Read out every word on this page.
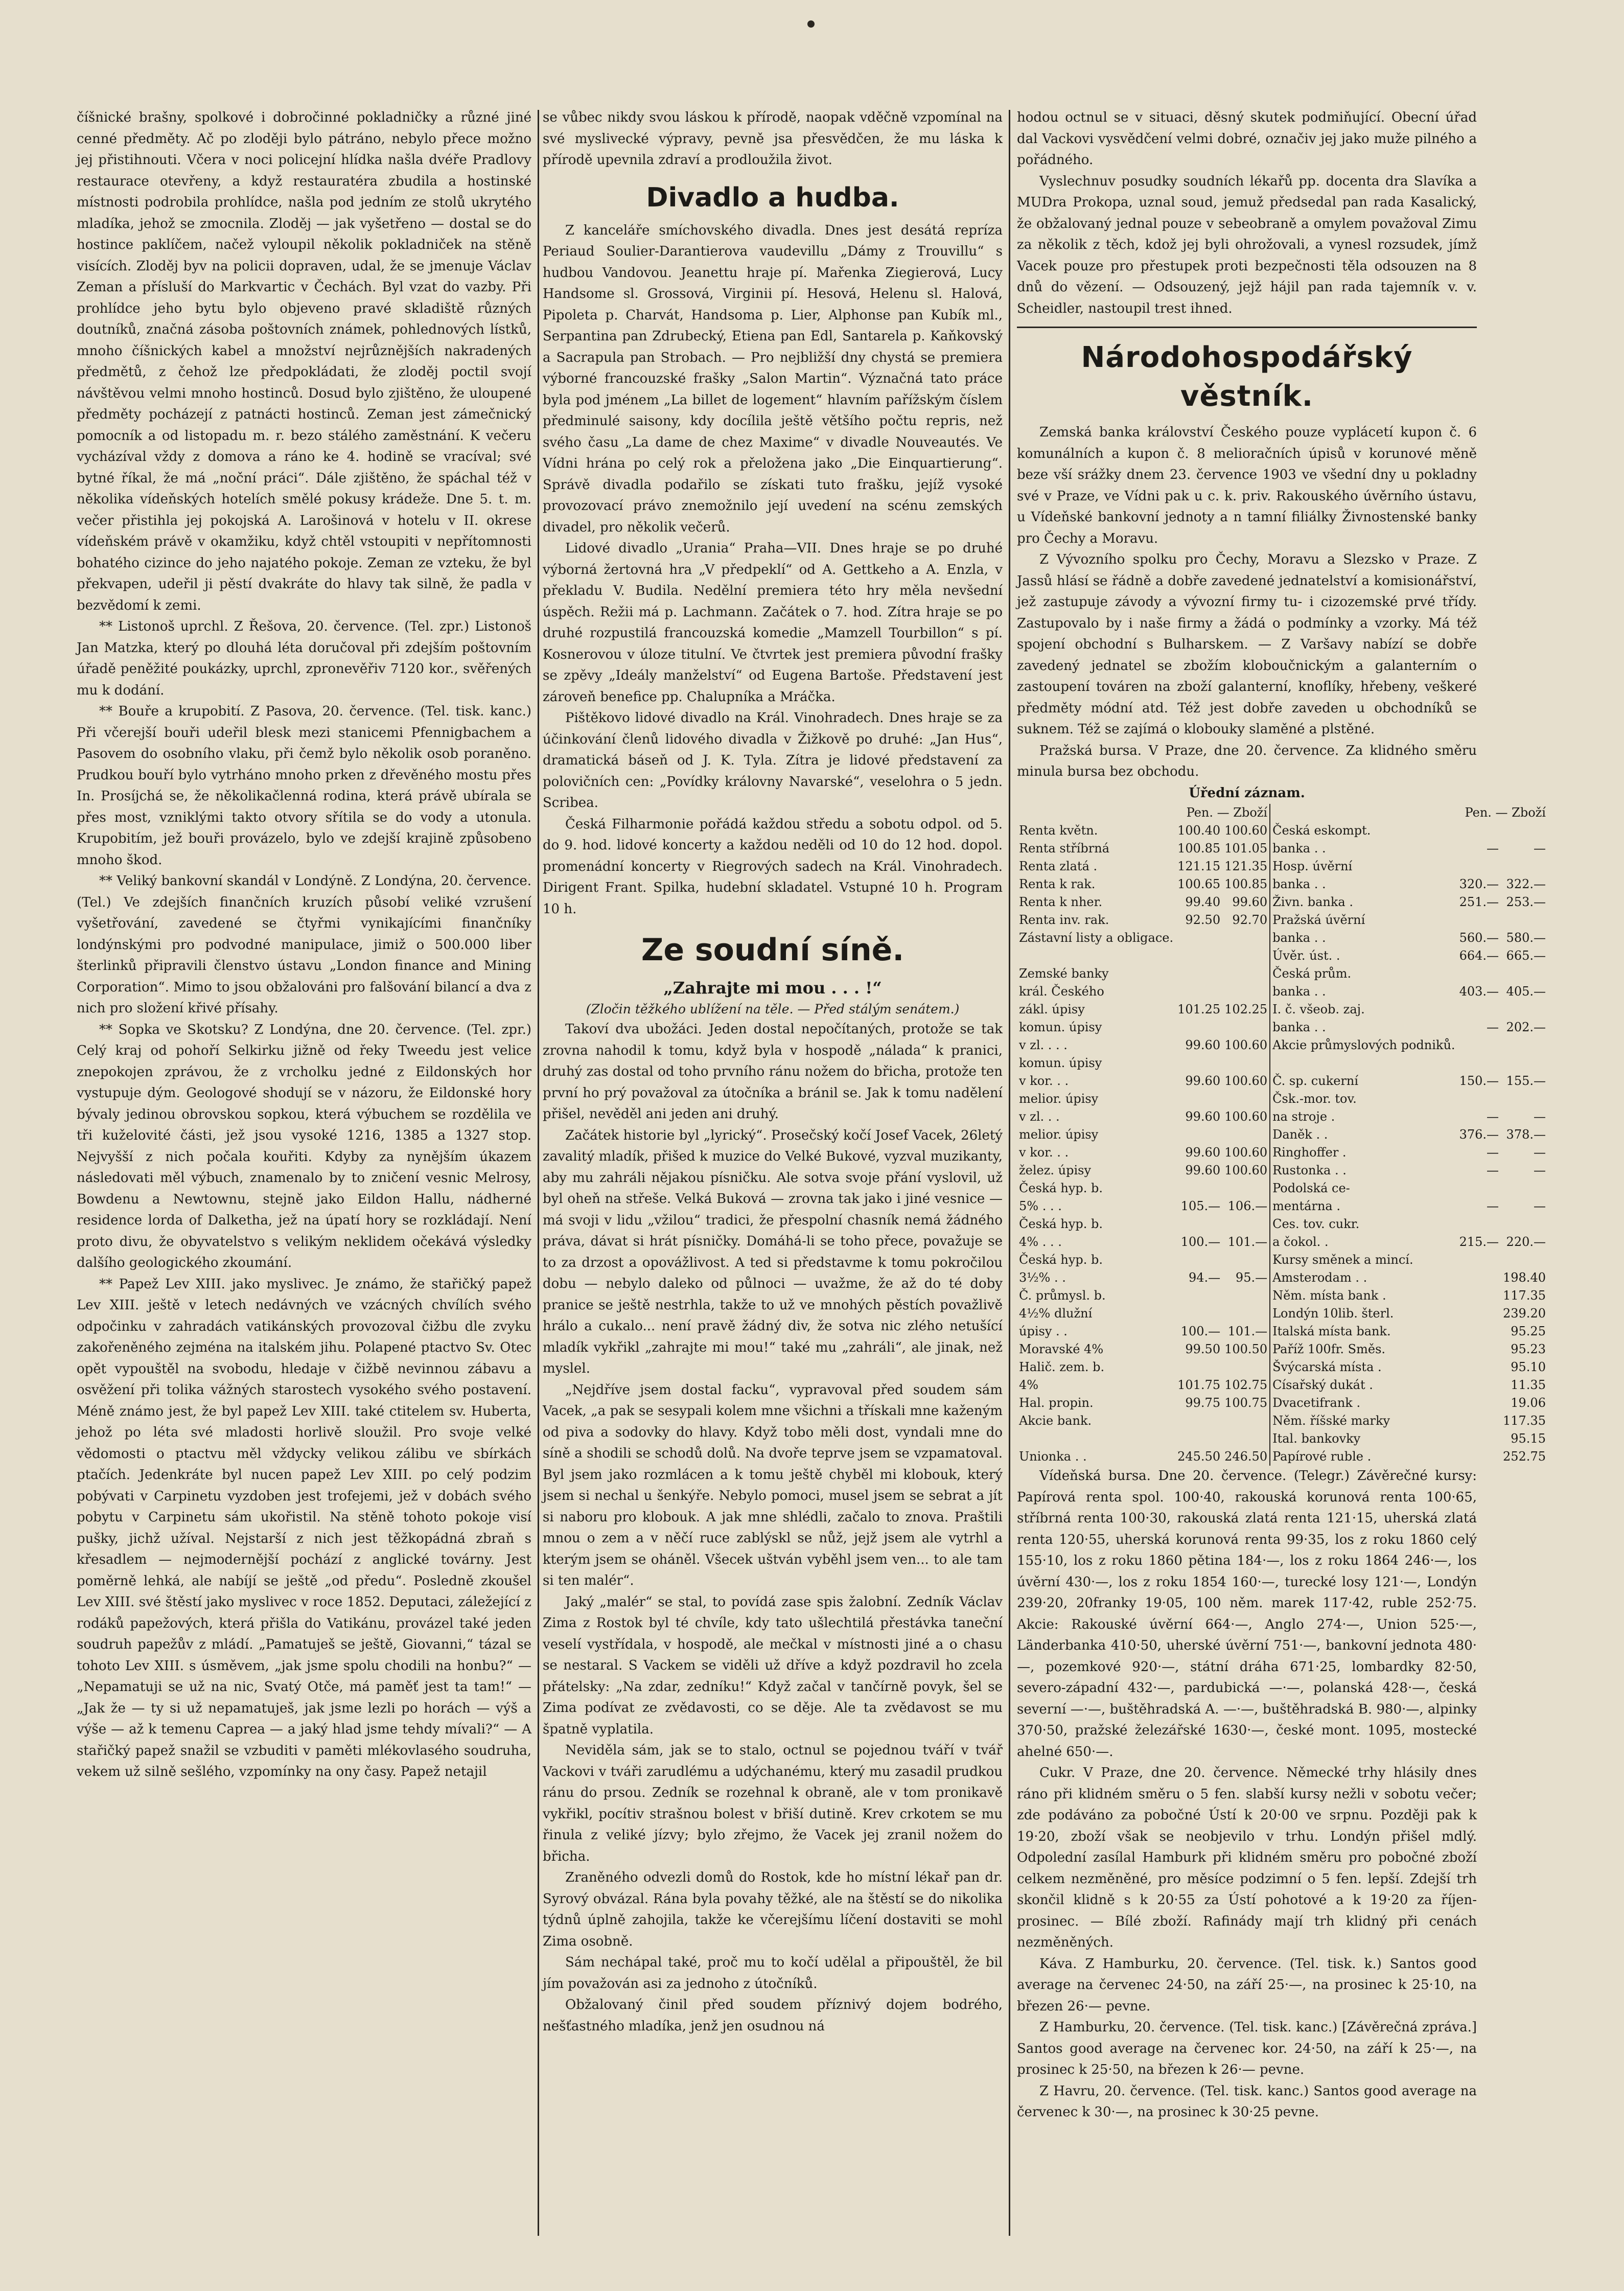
číšnické brašny, spolkové i dobročinné pokladničky a různé jiné cenné předměty. Ač po zloději bylo pátráno, nebylo přece možno jej přistihnouti. Včera v noci policejní hlídka našla dvéře Pradlovy restaurace otevřeny, a když restauratéra zbudila a hostinské místnosti podrobila prohlídce, našla pod jedním ze stolů ukrytého mladíka, jehož se zmocnila. Zloděj — jak vyšetřeno — dostal se do hostince paklíčem, načež vyloupil několik pokladniček na stěně visících. Zloděj byv na policii dopraven, udal, že se jmenuje Václav Zeman a přísluší do Markvartic v Čechách. Byl vzat do vazby. Při prohlídce jeho bytu bylo objeveno pravé skladiště různých doutníků, značná zásoba poštovních známek, pohlednových lístků, mnoho číšnických kabel a množství nejrůznějších nakradených předmětů, z čehož lze předpokládati, že zloděj poctil svojí návštěvou velmi mnoho hostinců. Dosud bylo zjištěno, že uloupené předměty pocházejí z patnácti hostinců. Zeman jest zámečnický pomocník a od listopadu m. r. bezo stálého zaměstnání. K večeru vycházíval vždy z domova a ráno ke 4. hodině se vracíval; své bytné říkal, že má „noční práci“. Dále zjištěno, že spáchal též v několika vídeňských hotelích smělé pokusy krádeže. Dne 5. t. m. večer přistihla jej pokojská A. Larošinová v hotelu v II. okrese vídeňském právě v okamžiku, když chtěl vstoupiti v nepřítomnosti bohatého cizince do jeho najatého pokoje. Zeman ze vzteku, že byl překvapen, udeřil ji pěstí dvakráte do hlavy tak silně, že padla v bezvědomí k zemi.

** Listonoš uprchl. Z Řešova, 20. července. (Tel. zpr.) Listonoš Jan Matzka, který po dlouhá léta doručoval při zdejším poštovním úřadě peněžité poukázky, uprchl, zpronevěřiv 7120 kor., svěřených mu k dodání.

** Bouře a krupobití. Z Pasova, 20. července. (Tel. tisk. kanc.) Při včerejší bouři udeřil blesk mezi stanicemi Pfennigbachem a Pasovem do osobního vlaku, při čemž bylo několik osob poraněno. Prudkou bouří bylo vytrháno mnoho prken z dřevěného mostu přes In. Prosíjchá se, že několikačlenná rodina, která právě ubírala se přes most, vzniklými takto otvory sřítila se do vody a utonula. Krupobitím, jež bouři provázelo, bylo ve zdejší krajině způsobeno mnoho škod.

** Veliký bankovní skandál v Londýně. Z Londýna, 20. července. (Tel.) Ve zdejších finančních kruzích působí veliké vzrušení vyšetřování, zavedené se čtyřmi vynikajícími finančníky londýnskými pro podvodné manipulace, jimiž o 500.000 liber šterlinků připravili členstvo ústavu „London finance and Mining Corporation“. Mimo to jsou obžalováni pro falšování bilancí a dva z nich pro složení křivé přísahy.

** Sopka ve Skotsku? Z Londýna, dne 20. července. (Tel. zpr.) Celý kraj od pohoří Selkirku jižně od řeky Tweedu jest velice znepokojen zprávou, že z vrcholku jedné z Eildonských hor vystupuje dým. Geologové shodují se v názoru, že Eildonské hory bývaly jedinou obrovskou sopkou, která výbuchem se rozdělila ve tři kuželovité části, jež jsou vysoké 1216, 1385 a 1327 stop. Nejvyšší z nich počala kouřiti. Kdyby za nynějším úkazem následovati měl výbuch, znamenalo by to zničení vesnic Melrosy, Bowdenu a Newtownu, stejně jako Eildon Hallu, nádherné residence lorda of Dalketha, jež na úpatí hory se rozkládají. Není proto divu, že obyvatelstvo s velikým neklidem očekává výsledky dalšího geologického zkoumání.

** Papež Lev XIII. jako myslivec. Je známo, že stařičký papež Lev XIII. ještě v letech nedávných ve vzácných chvílích svého odpočinku v zahradách vatikánských provozoval čižbu dle zvyku zakořeněného zejména na italském jihu. Polapené ptactvo Sv. Otec opět vypouštěl na svobodu, hledaje v čižbě nevinnou zábavu a osvěžení při tolika vážných starostech vysokého svého postavení. Méně známo jest, že byl papež Lev XIII. také ctitelem sv. Huberta, jehož po léta své mladosti horlivě sloužil. Pro svoje velké vědomosti o ptactvu měl vždycky velikou zálibu ve sbírkách ptačích. Jedenkráte byl nucen papež Lev XIII. po celý podzim pobývati v Carpinetu vyzdoben jest trofejemi, jež v dobách svého pobytu v Carpinetu sám ukořistil. Na stěně tohoto pokoje visí pušky, jichž užíval. Nejstarší z nich jest těžkopádná zbraň s křesadlem — nejmodernější pochází z anglické továrny. Jest poměrně lehká, ale nabíjí se ještě „od předu“. Posledně zkoušel Lev XIII. své štěstí jako myslivec v roce 1852. Deputaci, záležející z rodáků papežových, která přišla do Vatikánu, provázel také jeden soudruh papežův z mládí. „Pamatuješ se ještě, Giovanni,“ tázal se tohoto Lev XIII. s úsměvem, „jak jsme spolu chodili na honbu?“ — „Nepamatuji se už na nic, Svatý Otče, má paměť jest ta tam!“ — „Jak že — ty si už nepamatuješ, jak jsme lezli po horách — výš a výše — až k temenu Caprea — a jaký hlad jsme tehdy mívali?“ — A stařičký papež snažil se vzbuditi v paměti mlékovlasého soudruha, vekem už silně sešlého, vzpomínky na ony časy. Papež netajil

se vůbec nikdy svou láskou k přírodě, naopak vděčně vzpomínal na své myslivecké výpravy, pevně jsa přesvědčen, že mu láska k přírodě upevnila zdraví a prodloužila život.

Divadlo a hudba.

Z kanceláře smíchovského divadla. Dnes jest desátá repríza Periaud Soulier-Darantierova vaudevillu „Dámy z Trouvillu“ s hudbou Vandovou. Jeanettu hraje pí. Mařenka Ziegierová, Lucy Handsome sl. Grossová, Virginii pí. Hesová, Helenu sl. Halová, Pipoleta p. Charvát, Handsoma p. Lier, Alphonse pan Kubík ml., Serpantina pan Zdrubecký, Etiena pan Edl, Santarela p. Kaňkovský a Sacrapula pan Strobach. — Pro nejbližší dny chystá se premiera výborné francouzské frašky „Salon Martin“. Význačná tato práce byla pod jménem „La billet de logement“ hlavním pařížským číslem předminulé saisony, kdy docílila ještě většího počtu repris, než svého času „La dame de chez Maxime“ v divadle Nouveautés. Ve Vídni hrána po celý rok a přeložena jako „Die Einquartierung“. Správě divadla podařilo se získati tuto frašku, jejíž vysoké provozovací právo znemožnilo její uvedení na scénu zemských divadel, pro několik večerů.

Lidové divadlo „Urania“ Praha—VII. Dnes hraje se po druhé výborná žertovná hra „V předpeklí“ od A. Gettkeho a A. Enzla, v překladu V. Budila. Nedělní premiera této hry měla nevšední úspěch. Režii má p. Lachmann. Začátek o 7. hod. Zítra hraje se po druhé rozpustilá francouzská komedie „Mamzell Tourbillon“ s pí. Kosnerovou v úloze titulní. Ve čtvrtek jest premiera původní frašky se zpěvy „Ideály manželství“ od Eugena Bartoše. Představení jest zároveň benefice pp. Chalupníka a Mráčka.

Pištěkovo lidové divadlo na Král. Vinohradech. Dnes hraje se za účinkování členů lidového divadla v Žižkově po druhé: „Jan Hus“, dramatická báseň od J. K. Tyla. Zítra je lidové představení za polovičních cen: „Povídky královny Navarské“, veselohra o 5 jedn. Scribea.

Česká Filharmonie pořádá každou středu a sobotu odpol. od 5. do 9. hod. lidové koncerty a každou neděli od 10 do 12 hod. dopol. promenádní koncerty v Riegrových sadech na Král. Vinohradech. Dirigent Frant. Spilka, hudební skladatel. Vstupné 10 h. Program 10 h.

Ze soudní síně.
„Zahrajte mi mou . . . !“
(Zločin těžkého ublížení na těle. — Před stálým senátem.)

Takoví dva ubožáci. Jeden dostal nepočítaných, protože se tak zrovna nahodil k tomu, když byla v hospodě „nálada“ k pranici, druhý zas dostal od toho prvního ránu nožem do břicha, protože ten první ho prý považoval za útočníka a bránil se. Jak k tomu nadělení přišel, nevěděl ani jeden ani druhý.

Začátek historie byl „lyrický“. Prosečský kočí Josef Vacek, 26letý zavalitý mladík, přišed k muzice do Velké Bukové, vyzval muzikanty, aby mu zahráli nějakou písničku. Ale sotva svoje přání vyslovil, už byl oheň na střeše. Velká Buková — zrovna tak jako i jiné vesnice — má svoji v lidu „vžilou“ tradici, že přespolní chasník nemá žádného práva, dávat si hrát písničky. Domáhá-li se toho přece, považuje se to za drzost a opovážlivost. A ted si představme k tomu pokročilou dobu — nebylo daleko od půlnoci — uvažme, že až do té doby pranice se ještě nestrhla, takže to už ve mnohých pěstích považlivě hrálo a cukalo... není pravě žádný div, že sotva nic zlého netušící mladík vykřikl „zahrajte mi mou!“ také mu „zahráli“, ale jinak, než myslel.

„Nejdříve jsem dostal facku“, vypravoval před soudem sám Vacek, „a pak se sesypali kolem mne všichni a třískali mne kaženým od piva a sodovky do hlavy. Když tobo měli dost, vyndali mne do síně a shodili se schodů dolů. Na dvoře teprve jsem se vzpamatoval. Byl jsem jako rozmlácen a k tomu ještě chyběl mi klobouk, který jsem si nechal u šenkýře. Nebylo pomoci, musel jsem se sebrat a jít si naboru pro klobouk. A jak mne shlédli, začalo to znova. Praštili mnou o zem a v něčí ruce zablýskl se nůž, jejž jsem ale vytrhl a kterým jsem se oháněl. Všecek uštván vyběhl jsem ven... to ale tam si ten malér“.

Jaký „malér“ se stal, to povídá zase spis žalobní. Zedník Václav Zima z Rostok byl té chvíle, kdy tato ušlechtilá přestávka taneční veselí vystřídala, v hospodě, ale mečkal v místnosti jiné a o chasu se nestaral. S Vackem se viděli už dříve a když pozdravil ho zcela přátelsky: „Na zdar, zedníku!“ Když začal v tančírně povyk, šel se Zima podívat ze zvědavosti, co se děje. Ale ta zvědavost se mu špatně vyplatila.

Neviděla sám, jak se to stalo, octnul se pojednou tváří v tvář Vackovi v tváři zarudlému a udýchanému, který mu zasadil prudkou ránu do prsou. Zedník se rozehnal k obraně, ale v tom pronikavě vykřikl, pocítiv strašnou bolest v břiší dutině. Krev crkotem se mu řinula z veliké jízvy; bylo zřejmo, že Vacek jej zranil nožem do břicha.

Zraněného odvezli domů do Rostok, kde ho místní lékař pan dr. Syrový obvázal. Rána byla povahy těžké, ale na štěstí se do nikolika týdnů úplně zahojila, takže ke včerejšímu líčení dostaviti se mohl Zima osobně.

Sám nechápal také, proč mu to kočí udělal a připouštěl, že bil jím považován asi za jednoho z útočníků.

Obžalovaný činil před soudem příznivý dojem bodrého, nešťastného mladíka, jenž jen osudnou ná

hodou octnul se v situaci, děsný skutek podmiňující. Obecní úřad dal Vackovi vysvědčení velmi dobré, označiv jej jako muže pilného a pořádného.

Vyslechnuv posudky soudních lékařů pp. docenta dra Slavíka a MUDra Prokopa, uznal soud, jemuž předsedal pan rada Kasalický, že obžalovaný jednal pouze v sebeobraně a omylem považoval Zimu za několik z těch, kdož jej byli ohrožovali, a vynesl rozsudek, jímž Vacek pouze pro přestupek proti bezpečnosti těla odsouzen na 8 dnů do vězení. — Odsouzený, jejž hájil pan rada tajemník v. v. Scheidler, nastoupil trest ihned.

Národohospodářský věstník.

Zemská banka království Českého pouze vyplácetí kupon č. 6 komunálních a kupon č. 8 melioračních úpisů v korunové měně beze vší srážky dnem 23. července 1903 ve všední dny u pokladny své v Praze, ve Vídni pak u c. k. priv. Rakouského úvěrního ústavu, u Vídeňské bankovní jednoty a n tamní filiálky Živnostenské banky pro Čechy a Moravu.

Z Vývozního spolku pro Čechy, Moravu a Slezsko v Praze. Z Jassů hlásí se řádně a dobře zavedené jednatelství a komisionářství, jež zastupuje závody a vývozní firmy tu- i cizozemské prvé třídy. Zastupovalo by i naše firmy a žádá o podmínky a vzorky. Má též spojení obchodní s Bulharskem. — Z Varšavy nabízí se dobře zavedený jednatel se zbožím kloboučnickým a galanterním o zastoupení továren na zboží galanterní, knoflíky, hřebeny, veškeré předměty módní atd. Též jest dobře zaveden u obchodníků se suknem. Též se zajímá o klobouky slaměné a plstěné.

Pražská bursa. V Praze, dne 20. července. Za klidného směru minula bursa bez obchodu.

Úřední záznam.
	Pen. — Zboží			Pen. — Zboží	
Renta květn.	100.40	100.60	Česká eskompt.		
Renta stříbrná	100.85	101.05	banka . .	—	—
Renta zlatá .	121.15	121.35	Hosp. úvěrní		
Renta k rak.	100.65	100.85	banka . .	320.—	322.—
Renta k nher.	99.40	99.60	Živn. banka .	251.—	253.—
Renta inv. rak.	92.50	92.70	Pražská úvěrní		
Zástavní listy a obligace.			banka . .	560.—	580.—
			Úvěr. úst. .	664.—	665.—
Zemské banky			Česká prům.		
král. Českého			banka . .	403.—	405.—
zákl. úpisy	101.25	102.25	I. č. všeob. zaj.		
komun. úpisy			banka . .	—	202.—
v zl. . . .	99.60	100.60	Akcie průmyslových podniků.		
komun. úpisy					
v kor. . .	99.60	100.60	Č. sp. cukerní	150.—	155.—
melior. úpisy			Čsk.-mor. tov.		
v zl. . .	99.60	100.60	na stroje .	—	—
melior. úpisy			Daněk . .	376.—	378.—
v kor. . .	99.60	100.60	Ringhoffer .	—	—
želez. úpisy	99.60	100.60	Rustonka . .	—	—
Česká hyp. b.			Podolská ce-		
5% . . .	105.—	106.—	mentárna .	—	—
Česká hyp. b.			Ces. tov. cukr.		
4% . . .	100.—	101.—	a čokol. .	215.—	220.—
Česká hyp. b.			Kursy směnek a mincí.		
3½% . .	94.—	95.—	Amsterodam . .		198.40
Č. průmysl. b.			Něm. místa bank .		117.35
4½% dlužní			Londýn 10lib. šterl.		239.20
úpisy . .	100.—	101.—	Italská místa bank.		95.25
Moravské 4%	99.50	100.50	Paříž 100fr. Směs.		95.23
Halič. zem. b.			Švýcarská místa .		95.10
4%	101.75	102.75	Císařský dukát .		11.35
Hal. propin.	99.75	100.75	Dvacetifrank .		19.06
Akcie bank.			Něm. říšské marky		117.35
			Ital. bankovky		95.15
Unionka . .	245.50	246.50	Papírové ruble .		252.75

Vídeňská bursa. Dne 20. července. (Telegr.) Závěrečné kursy: Papírová renta spol. 100·40, rakouská korunová renta 100·65, stříbrná renta 100·30, rakouská zlatá renta 121·15, uherská zlatá renta 120·55, uherská korunová renta 99·35, los z roku 1860 celý 155·10, los z roku 1860 pětina 184·—, los z roku 1864 246·—, los úvěrní 430·—, los z roku 1854 160·—, turecké losy 121·—, Londýn 239·20, 20franky 19·05, 100 něm. marek 117·42, ruble 252·75. Akcie: Rakouské úvěrní 664·—, Anglo 274·—, Union 525·—, Länderbanka 410·50, uherské úvěrní 751·—, bankovní jednota 480·—, pozemkové 920·—, státní dráha 671·25, lombardky 82·50, severo-západní 432·—, pardubická —·—, polanská 428·—, česká severní —·—, buštěhradská A. —·—, buštěhradská B. 980·—, alpinky 370·50, pražské železářské 1630·—, české mont. 1095, mostecké ahelné 650·—.

Cukr. V Praze, dne 20. července. Německé trhy hlásily dnes ráno při klidném směru o 5 fen. slabší kursy nežli v sobotu večer; zde podáváno za pobočné Ústí k 20·00 ve srpnu. Později pak k 19·20, zboží však se neobjevilo v trhu. Londýn přišel mdlý. Odpolední zasílal Hamburk při klidném směru pro pobočné zboží celkem nezměněné, pro měsíce podzimní o 5 fen. lepší. Zdejší trh skončil klidně s k 20·55 za Ústí pohotové a k 19·20 za říjen-prosinec. — Bílé zboží. Rafinády mají trh klidný při cenách nezměněných.

Káva. Z Hamburku, 20. července. (Tel. tisk. k.) Santos good average na červenec 24·50, na září 25·—, na prosinec k 25·10, na březen 26·— pevne.

Z Hamburku, 20. července. (Tel. tisk. kanc.) [Závěrečná zpráva.] Santos good average na červenec kor. 24·50, na září k 25·—, na prosinec k 25·50, na březen k 26·— pevne.

Z Havru, 20. července. (Tel. tisk. kanc.) Santos good average na červenec k 30·—, na prosinec k 30·25 pevne.
